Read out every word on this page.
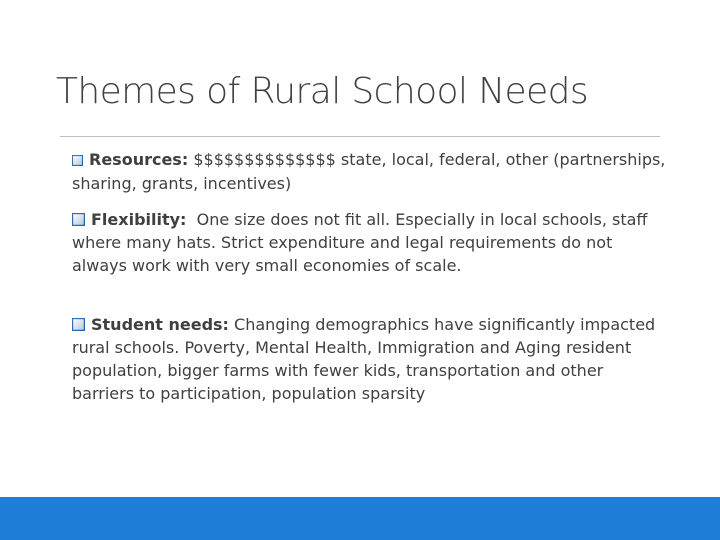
Themes of Rural School Needs
Resources: $$$$$$$$$$$$$$ state, local, federal, other (partnerships, sharing, grants, incentives)
Flexibility: One size does not fit all. Especially in local schools, staff where many hats. Strict expenditure and legal requirements do not always work with very small economies of scale.
Student needs: Changing demographics have significantly impacted rural schools. Poverty, Mental Health, Immigration and Aging resident population, bigger farms with fewer kids, transportation and other barriers to participation, population sparsity
